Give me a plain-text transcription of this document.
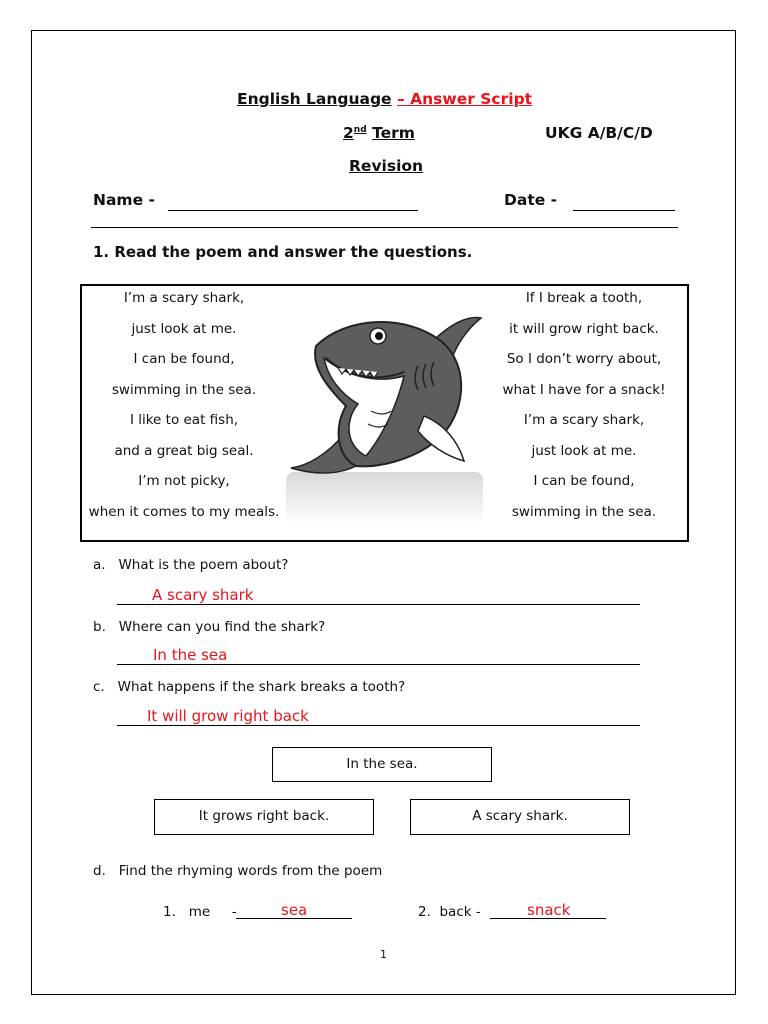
English Language – Answer Script
2nd Term	UKG A/B/C/D
Revision
Name -	Date -
1. Read the poem and answer the questions.
I’m a scary shark,
just look at me.
I can be found,
swimming in the sea.
I like to eat fish,
and a great big seal.
I’m not picky,
when it comes to my meals.
If I break a tooth,
it will grow right back.
So I don’t worry about,
what I have for a snack!
I’m a scary shark,
just look at me.
I can be found,
swimming in the sea.
a. What is the poem about?
A scary shark
b. Where can you find the shark?
In the sea
c. What happens if the shark breaks a tooth?
It will grow right back
In the sea.
It grows right back.	A scary shark.
d. Find the rhyming words from the poem
1. me -	sea	2. back -	snack
1
